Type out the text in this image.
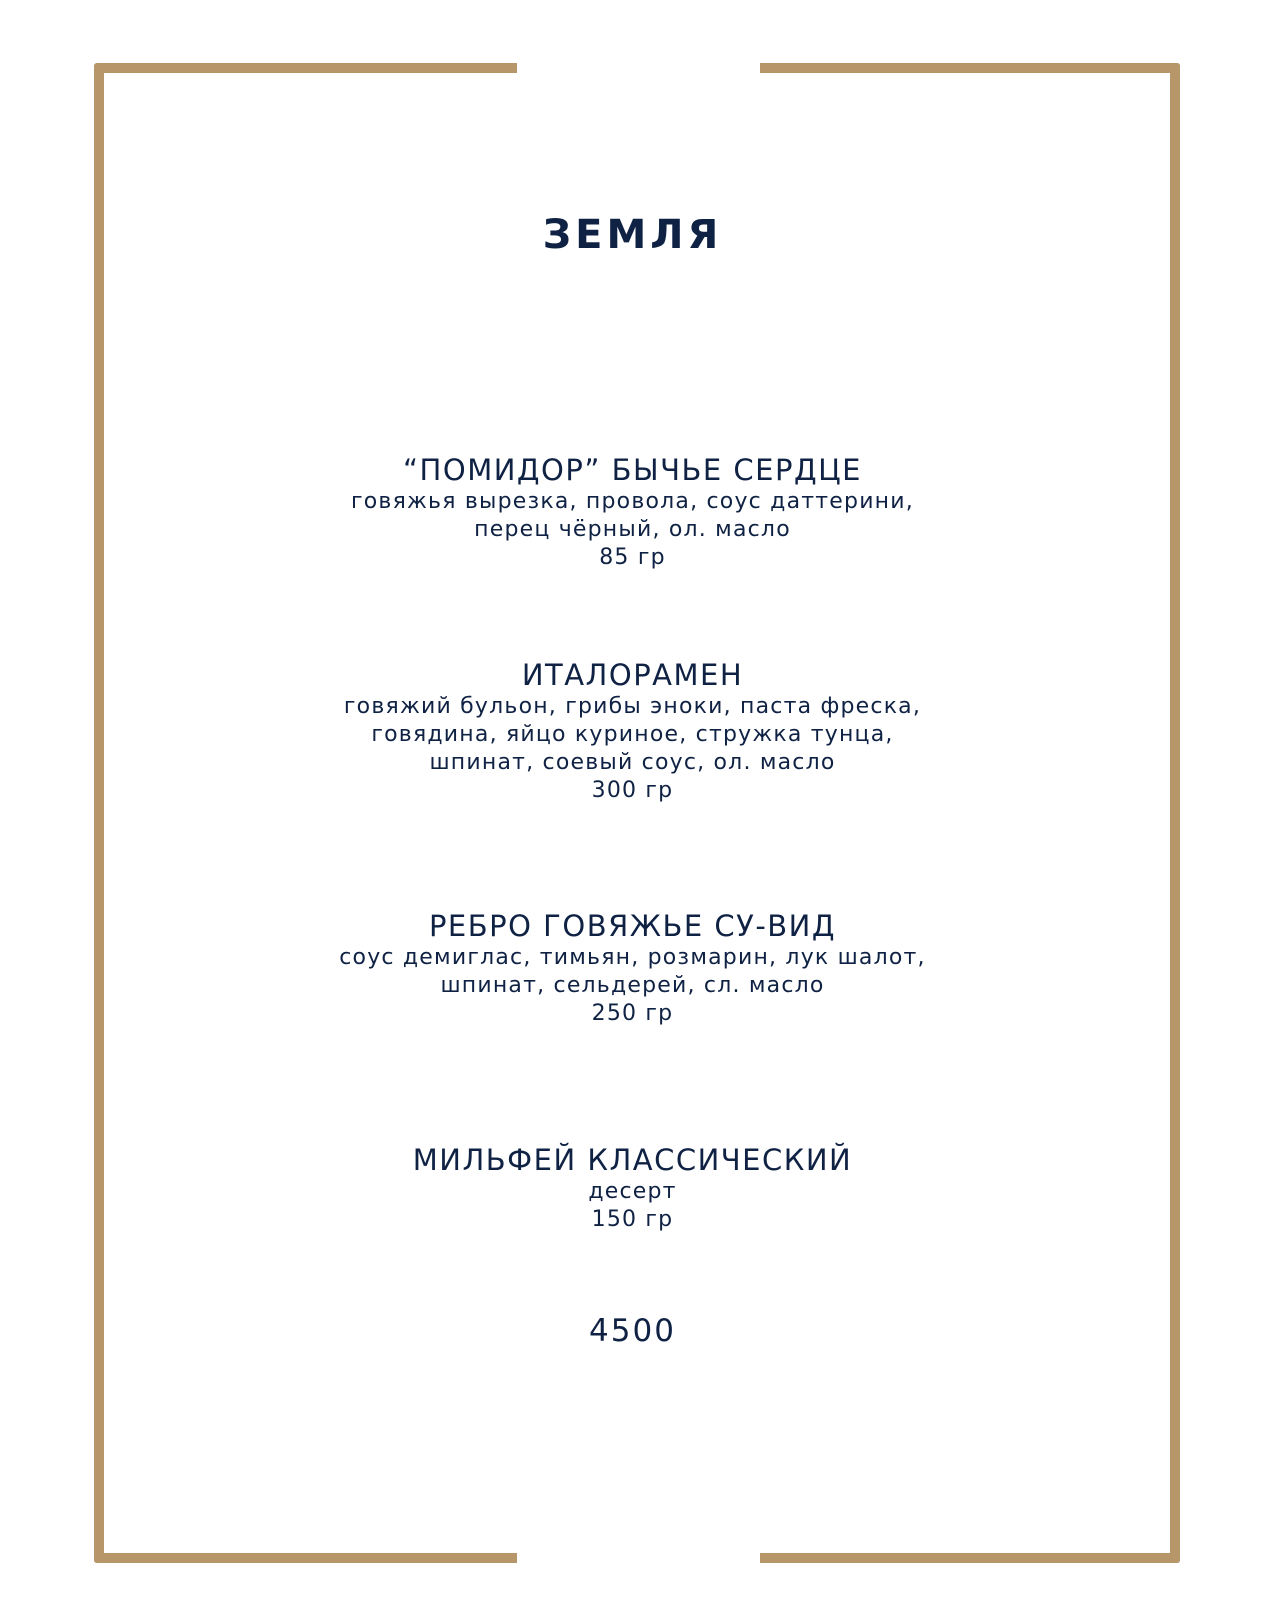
ЗЕМЛЯ
“ПОМИДОР” БЫЧЬЕ СЕРДЦЕ
говяжья вырезка, провола, соус даттерини,
перец чёрный, ол. масло
85 гр
ИТАЛОРАМЕН
говяжий бульон, грибы эноки, паста фреска,
говядина, яйцо куриное, стружка тунца,
шпинат, соевый соус, ол. масло
300 гр
РЕБРО ГОВЯЖЬЕ СУ-ВИД
соус демиглас, тимьян, розмарин, лук шалот,
шпинат, сельдерей, сл. масло
250 гр
МИЛЬФЕЙ КЛАССИЧЕСКИЙ
десерт
150 гр
4500
